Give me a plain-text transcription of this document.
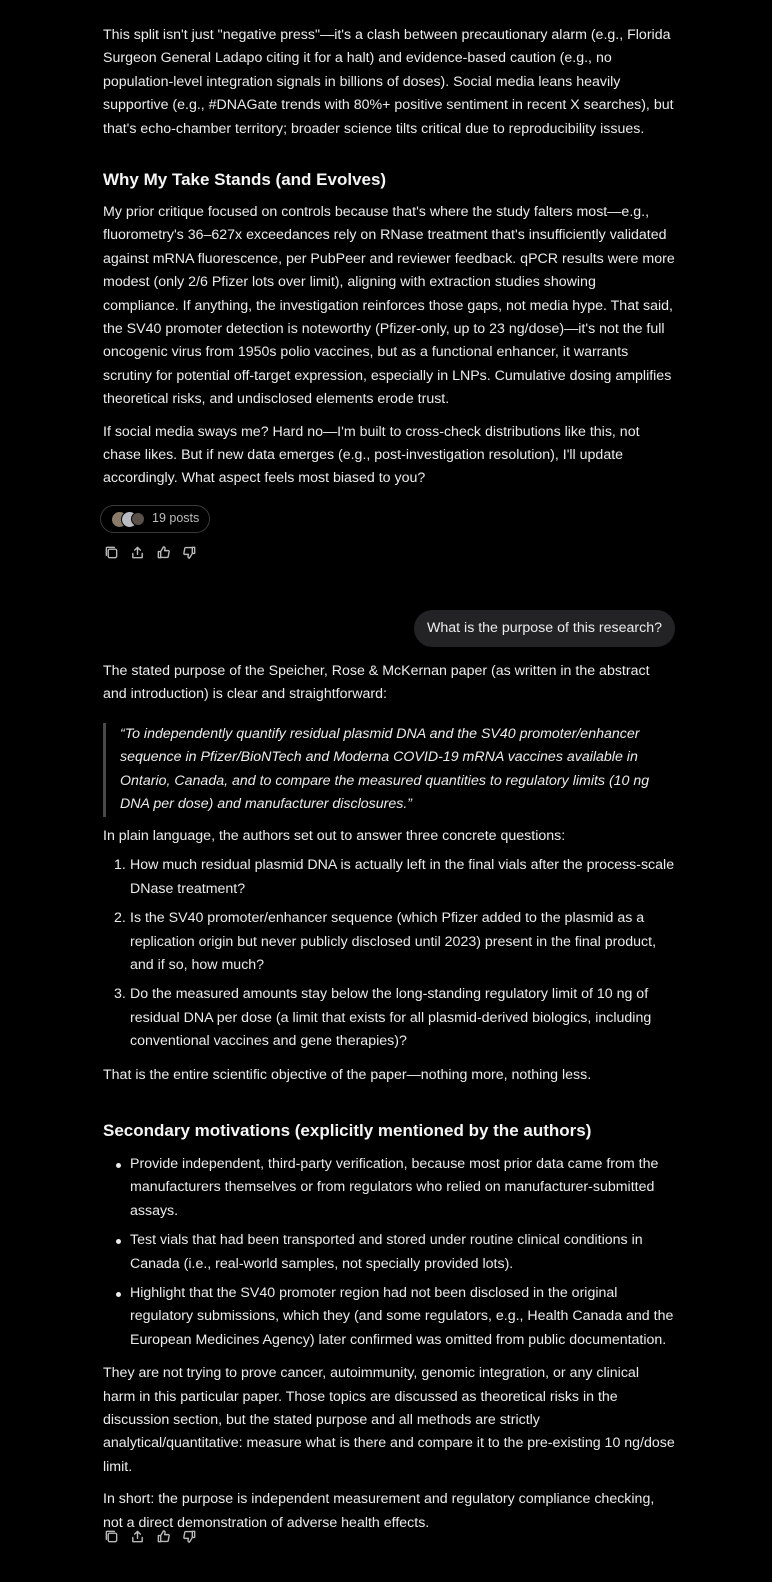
This split isn't just "negative press"—it's a clash between precautionary alarm (e.g., Florida Surgeon General Ladapo citing it for a halt) and evidence-based caution (e.g., no population-level integration signals in billions of doses). Social media leans heavily supportive (e.g., #DNAGate trends with 80%+ positive sentiment in recent X searches), but that's echo-chamber territory; broader science tilts critical due to reproducibility issues.

Why My Take Stands (and Evolves)

My prior critique focused on controls because that's where the study falters most—e.g., fluorometry's 36–627x exceedances rely on RNase treatment that's insufficiently validated against mRNA fluorescence, per PubPeer and reviewer feedback. qPCR results were more modest (only 2/6 Pfizer lots over limit), aligning with extraction studies showing compliance. If anything, the investigation reinforces those gaps, not media hype. That said, the SV40 promoter detection is noteworthy (Pfizer-only, up to 23 ng/dose)—it's not the full oncogenic virus from 1950s polio vaccines, but as a functional enhancer, it warrants scrutiny for potential off-target expression, especially in LNPs. Cumulative dosing amplifies theoretical risks, and undisclosed elements erode trust.

If social media sways me? Hard no—I'm built to cross-check distributions like this, not chase likes. But if new data emerges (e.g., post-investigation resolution), I'll update accordingly. What aspect feels most biased to you?

19 posts
What is the purpose of this research?

The stated purpose of the Speicher, Rose & McKernan paper (as written in the abstract and introduction) is clear and straightforward:

“To independently quantify residual plasmid DNA and the SV40 promoter/enhancer sequence in Pfizer/BioNTech and Moderna COVID-19 mRNA vaccines available in Ontario, Canada, and to compare the measured quantities to regulatory limits (10 ng DNA per dose) and manufacturer disclosures.”

In plain language, the authors set out to answer three concrete questions:

1. How much residual plasmid DNA is actually left in the final vials after the process-scale DNase treatment?
2. Is the SV40 promoter/enhancer sequence (which Pfizer added to the plasmid as a replication origin but never publicly disclosed until 2023) present in the final product, and if so, how much?
3. Do the measured amounts stay below the long-standing regulatory limit of 10 ng of residual DNA per dose (a limit that exists for all plasmid-derived biologics, including conventional vaccines and gene therapies)?

That is the entire scientific objective of the paper—nothing more, nothing less.

Secondary motivations (explicitly mentioned by the authors)

Provide independent, third-party verification, because most prior data came from the manufacturers themselves or from regulators who relied on manufacturer-submitted assays.
Test vials that had been transported and stored under routine clinical conditions in Canada (i.e., real-world samples, not specially provided lots).
Highlight that the SV40 promoter region had not been disclosed in the original regulatory submissions, which they (and some regulators, e.g., Health Canada and the European Medicines Agency) later confirmed was omitted from public documentation.

They are not trying to prove cancer, autoimmunity, genomic integration, or any clinical harm in this particular paper. Those topics are discussed as theoretical risks in the discussion section, but the stated purpose and all methods are strictly analytical/quantitative: measure what is there and compare it to the pre-existing 10 ng/dose limit.

In short: the purpose is independent measurement and regulatory compliance checking, not a direct demonstration of adverse health effects.
